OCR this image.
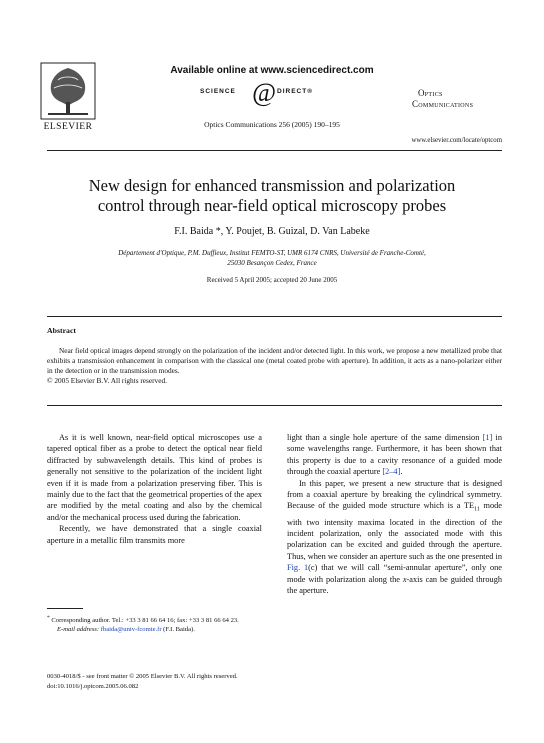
ELSEVIER
Available online at www.sciencedirect.com
SCIENCE @ DIRECT®
Optics Communications 256 (2005) 190–195
Optics
Communications
www.elsevier.com/locate/optcom
New design for enhanced transmission and polarization
control through near-field optical microscopy probes
F.I. Baida *, Y. Poujet, B. Guizal, D. Van Labeke
Département d'Optique, P.M. Duffieux, Institut FEMTO-ST, UMR 6174 CNRS, Université de Franche-Comté,
25030 Besançon Cedex, France
Received 5 April 2005; accepted 20 June 2005
Abstract
Near field optical images depend strongly on the polarization of the incident and/or detected light. In this work, we propose a new metallized probe that exhibits a transmission enhancement in comparison with the classical one (metal coated probe with aperture). In addition, it acts as a nano-polarizer either in the detection or in the transmission modes.
© 2005 Elsevier B.V. All rights reserved.

As it is well known, near-field optical microscopes use a tapered optical fiber as a probe to detect the optical near field diffracted by subwavelength details. This kind of probes is generally not sensitive to the polarization of the incident light even if it is made from a polarization preserving fiber. This is mainly due to the fact that the geometrical properties of the apex are modified by the metal coating and also by the chemical and/or the mechanical process used during the fabrication.

Recently, we have demonstrated that a single coaxial aperture in a metallic film transmits more

light than a single hole aperture of the same dimension [1] in some wavelengths range. Furthermore, it has been shown that this property is due to a cavity resonance of a guided mode through the coaxial aperture [2–4].

In this paper, we present a new structure that is designed from a coaxial aperture by breaking the cylindrical symmetry. Because of the guided mode structure which is a $TE_{11}$ mode with two intensity maxima located in the direction of the incident polarization, only the associated mode with this polarization can be excited and guided through the aperture. Thus, when we consider an aperture such as the one presented in Fig. 1(c) that we will call “semi-annular aperture”, only one mode with polarization along the x-axis can be guided through the aperture.

* Corresponding author. Tel.: +33 3 81 66 64 16; fax: +33 3 81 66 64 23.
E-mail address: fbaida@univ-fcomte.fr (F.I. Baida).
0030-4018/$ - see front matter © 2005 Elsevier B.V. All rights reserved.
doi:10.1016/j.optcom.2005.06.082
